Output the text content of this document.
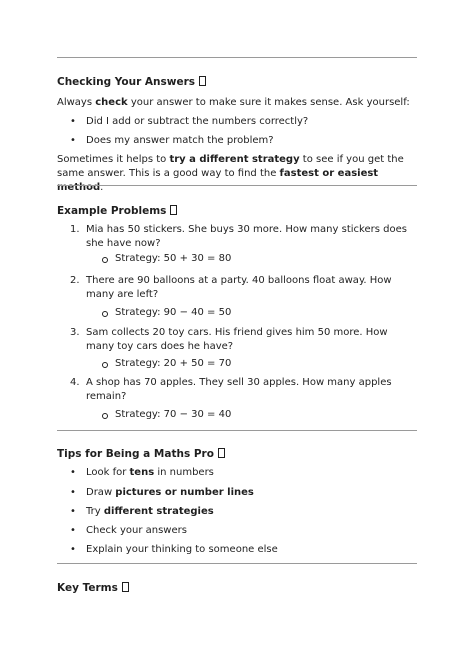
Checking Your Answers
Always check your answer to make sure it makes sense. Ask yourself:
• Did I add or subtract the numbers correctly?
• Does my answer match the problem?
Sometimes it helps to try a different strategy to see if you get the same answer. This is a good way to find the fastest or easiest method.
Example Problems
1. Mia has 50 stickers. She buys 30 more. How many stickers does she have now?
Strategy: 50 + 30 = 80
2. There are 90 balloons at a party. 40 balloons float away. How many are left?
Strategy: 90 − 40 = 50
3. Sam collects 20 toy cars. His friend gives him 50 more. How many toy cars does he have?
Strategy: 20 + 50 = 70
4. A shop has 70 apples. They sell 30 apples. How many apples remain?
Strategy: 70 − 30 = 40
Tips for Being a Maths Pro
• Look for tens in numbers
• Draw pictures or number lines
• Try different strategies
• Check your answers
• Explain your thinking to someone else
Key Terms
